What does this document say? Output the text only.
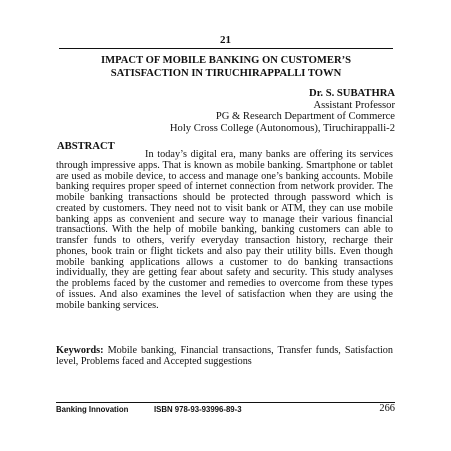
21
IMPACT OF MOBILE BANKING ON CUSTOMER’S
SATISFACTION IN TIRUCHIRAPPALLI TOWN
Dr. S. SUBATHRA
Assistant Professor
PG & Research Department of Commerce
Holy Cross College (Autonomous), Tiruchirappalli-2
ABSTRACT
In today’s digital era, many banks are offering its services through impressive apps. That is known as mobile banking. Smartphone or tablet are used as mobile device, to access and manage one’s banking accounts. Mobile banking requires proper speed of internet connection from network provider. The mobile banking transactions should be protected through password which is created by customers. They need not to visit bank or ATM, they can use mobile banking apps as convenient and secure way to manage their various financial transactions. With the help of mobile banking, banking customers can able to transfer funds to others, verify everyday transaction history, recharge their phones, book train or flight tickets and also pay their utility bills. Even though mobile banking applications allows a customer to do banking transactions individually, they are getting fear about safety and security. This study analyses the problems faced by the customer and remedies to overcome from these types of issues. And also examines the level of satisfaction when they are using the mobile banking services.
Keywords: Mobile banking, Financial transactions, Transfer funds, Satisfaction level, Problems faced and Accepted suggestions
Banking Innovation	ISBN 978-93-93996-89-3	266
